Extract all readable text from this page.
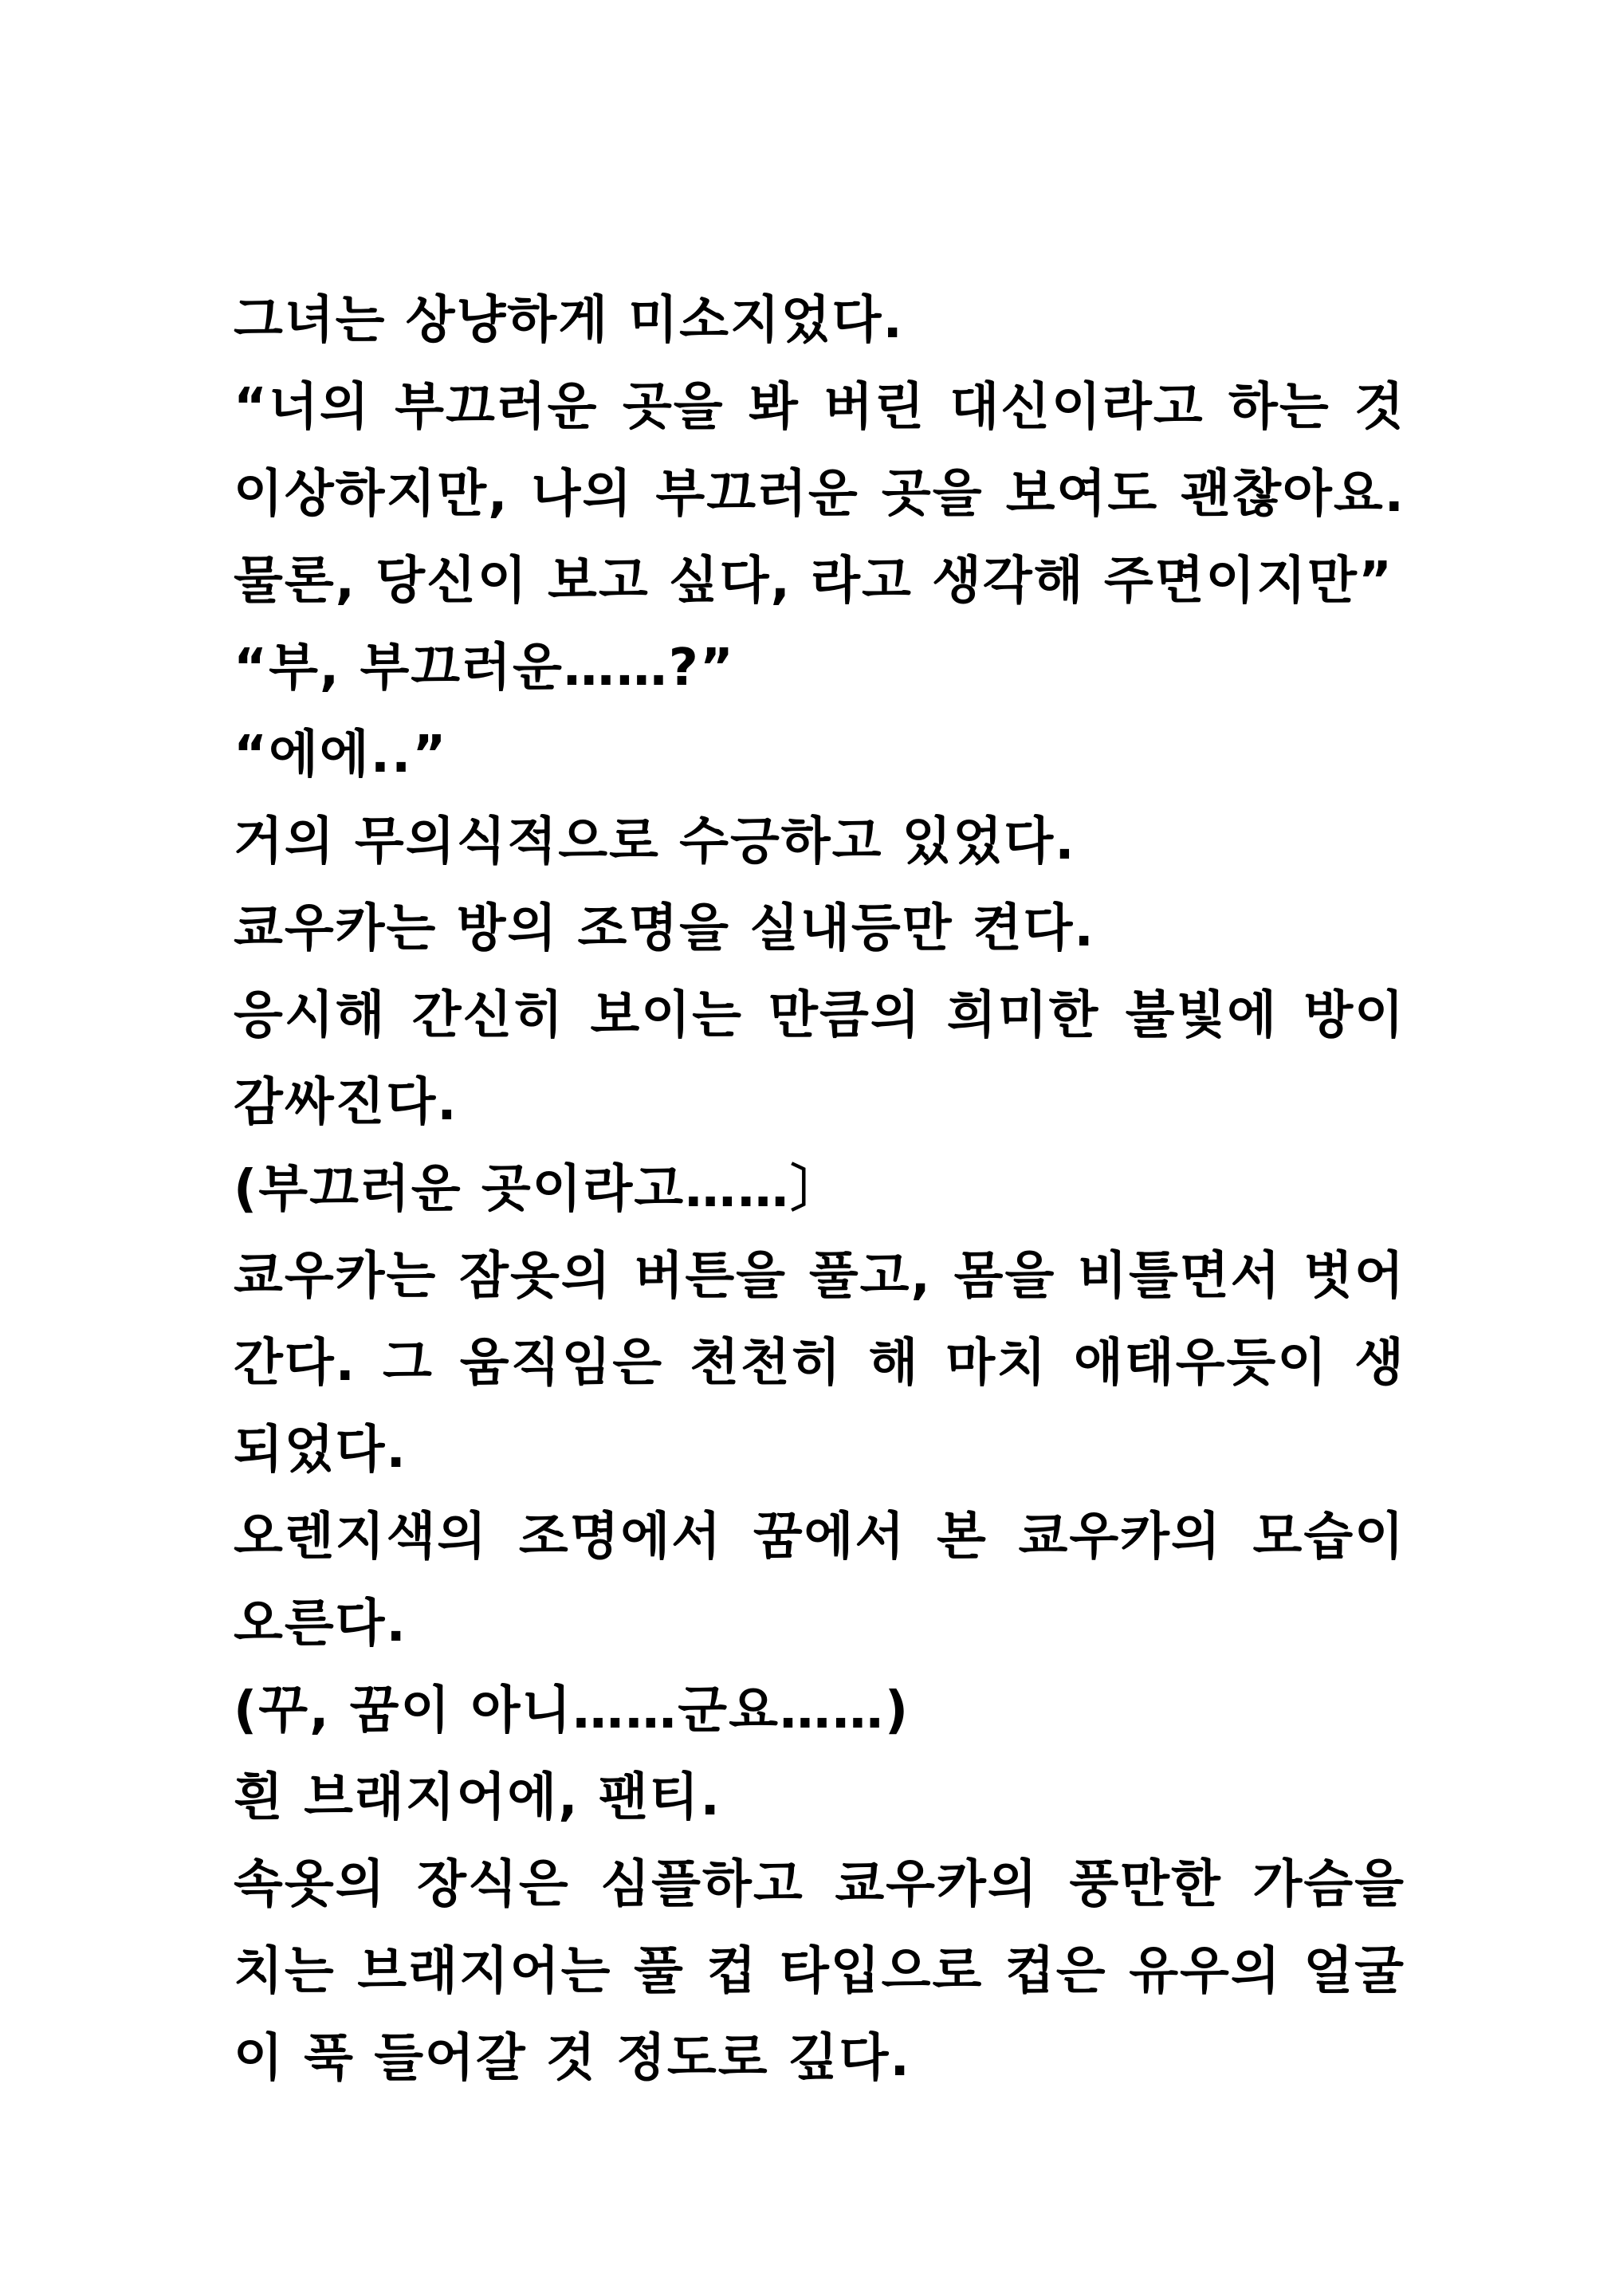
그녀는 상냥하게 미소지었다.
“너의 부끄러운 곳을 봐 버린 대신이라고 하는 것
이상하지만, 나의 부끄러운 곳을 보여도 괜찮아요.
물론, 당신이 보고 싶다, 라고 생각해 주면이지만”
“부, 부끄러운……?”
“에에..”
거의 무의식적으로 수긍하고 있었다.
쿄우카는 방의 조명을 실내등만 켠다.
응시해 간신히 보이는 만큼의 희미한 불빛에 방이
감싸진다.
(부끄러운 곳이라고……〕
쿄우카는 잠옷의 버튼을 풀고, 몸을 비틀면서 벗어
간다. 그 움직임은 천천히 해 마치 애태우듯이 생
되었다.
오렌지색의 조명에서 꿈에서 본 쿄우카의 모습이
오른다.
(꾸, 꿈이 아니……군요……)
흰 브래지어에, 팬티.
속옷의 장식은 심플하고 쿄우카의 풍만한 가슴을
치는 브래지어는 풀 컵 타입으로 컵은 유우의 얼굴
이 푹 들어갈 것 정도로 깊다.
